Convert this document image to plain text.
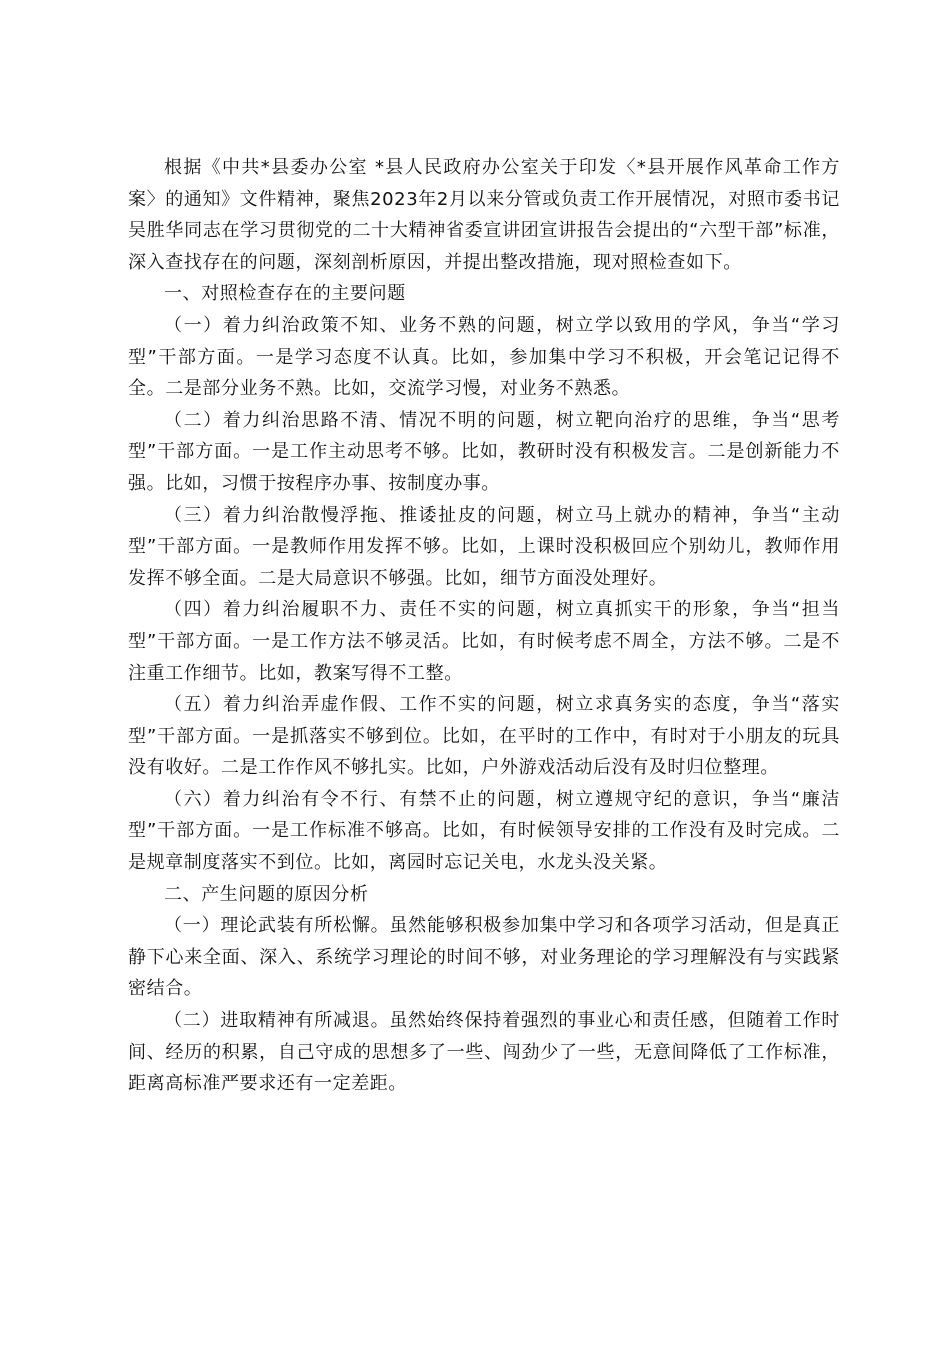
根据《中共*县委办公室 *县人民政府办公室关于印发〈*县开展作风革命工作方案〉的通知》文件精神，聚焦2023年2月以来分管或负责工作开展情况，对照市委书记吴胜华同志在学习贯彻党的二十大精神省委宣讲团宣讲报告会提出的“六型干部”标准，深入查找存在的问题，深刻剖析原因，并提出整改措施，现对照检查如下。

一、对照检查存在的主要问题

（一）着力纠治政策不知、业务不熟的问题，树立学以致用的学风，争当“学习型”干部方面。一是学习态度不认真。比如，参加集中学习不积极，开会笔记记得不全。二是部分业务不熟。比如，交流学习慢，对业务不熟悉。

（二）着力纠治思路不清、情况不明的问题，树立靶向治疗的思维，争当“思考型”干部方面。一是工作主动思考不够。比如，教研时没有积极发言。二是创新能力不强。比如，习惯于按程序办事、按制度办事。

（三）着力纠治散慢浮拖、推诿扯皮的问题，树立马上就办的精神，争当“主动型”干部方面。一是教师作用发挥不够。比如，上课时没积极回应个别幼儿，教师作用发挥不够全面。二是大局意识不够强。比如，细节方面没处理好。

（四）着力纠治履职不力、责任不实的问题，树立真抓实干的形象，争当“担当型”干部方面。一是工作方法不够灵活。比如，有时候考虑不周全，方法不够。二是不注重工作细节。比如，教案写得不工整。

（五）着力纠治弄虚作假、工作不实的问题，树立求真务实的态度，争当“落实型”干部方面。一是抓落实不够到位。比如，在平时的工作中，有时对于小朋友的玩具没有收好。二是工作作风不够扎实。比如，户外游戏活动后没有及时归位整理。

（六）着力纠治有令不行、有禁不止的问题，树立遵规守纪的意识，争当“廉洁型”干部方面。一是工作标准不够高。比如，有时候领导安排的工作没有及时完成。二是规章制度落实不到位。比如，离园时忘记关电，水龙头没关紧。

二、产生问题的原因分析

（一）理论武装有所松懈。虽然能够积极参加集中学习和各项学习活动，但是真正静下心来全面、深入、系统学习理论的时间不够，对业务理论的学习理解没有与实践紧密结合。

（二）进取精神有所减退。虽然始终保持着强烈的事业心和责任感，但随着工作时间、经历的积累，自己守成的思想多了一些、闯劲少了一些，无意间降低了工作标准，距离高标准严要求还有一定差距。
